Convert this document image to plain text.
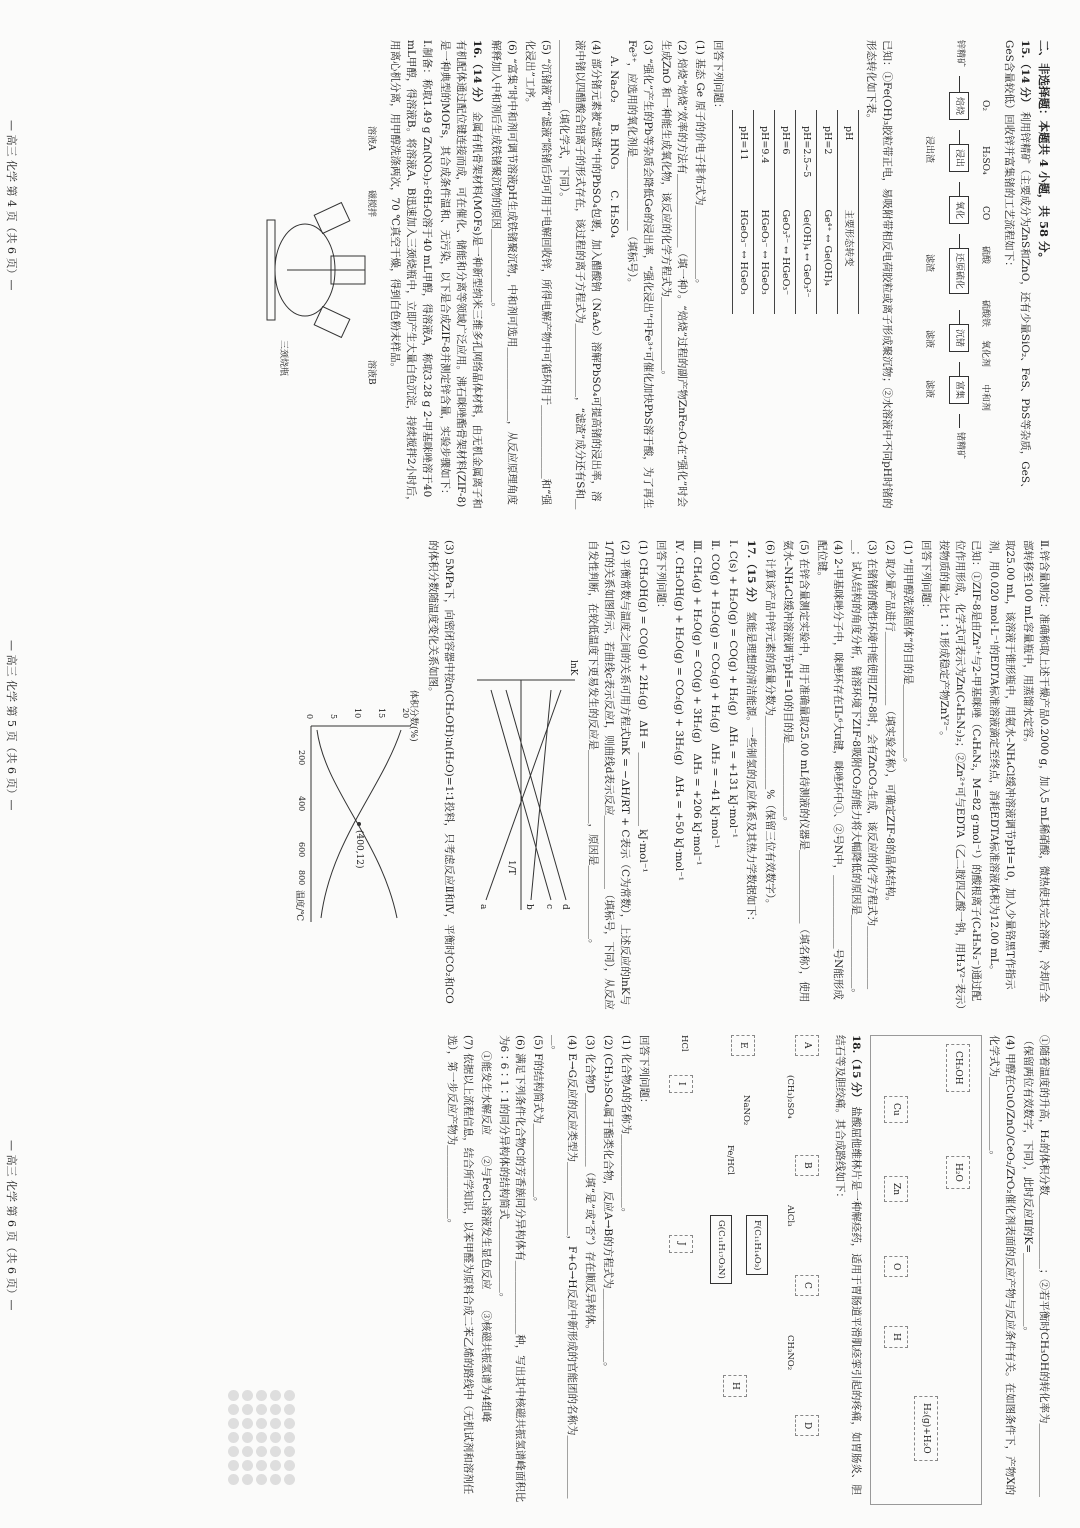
二、非选择题：本题共 4 小题，共 58 分。

15.（14 分） 利用锌精矿（主要成分为ZnS和ZnO，还有少量SiO₂、FeS、PbS等杂质，GeS、GeS含量较低）回收锌并富集锗的工艺流程如下：

锌精矿
焙烧	O₂
浸出	H₂SO₄
浸出渣
氧化	CO
还原硫化	硫酸
滤渣
沉锗
硫酸铁
氧化剂
滤液
富集	中和剂
滤液
锗精矿

已知：①Fe(OH)₃胶粒带正电，易吸附带相反电荷胶粒或离子形成聚沉物；②水溶液中不同pH时锗的形态转化如下表。

pH	主要形态转变
pH=2	Ge⁴⁺ ↔ Ge(OH)₄
pH=2.5~5	Ge(OH)₄ ↔ GeO₃²⁻
pH=6	GeO₃²⁻ ↔ HGeO₃⁻
pH=9.4	HGeO₃⁻ ↔ HGeO₃
pH=11	HGeO₃⁻ ↔ HGeO₃

回答下列问题：

(1) 基态 Ge 原子的价电子排布式为＿＿＿＿＿＿＿。

(2) 焙烧“焙烧”效率的方法有＿＿＿＿＿＿＿（填一种）。“焙烧”过程的副产物ZnFe₂O₄在“强化”时会生成ZnO 和一种能生成氧化物，该反应的化学方程式为＿＿＿＿＿＿＿。

(3) “强化”产生的Pb等杂质会降低Ge的浸出率，“强化浸出”中Fe³⁺可催化加快PbS溶于酸，为了再生Fe³⁺，应选用的氧化剂是＿＿＿＿＿＿＿（填标号）。

A. Na₂O₂　　B. HNO₃　　C. H₂SO₄

(4) 部分锗元素被“滤渣”中的PbSO₄包裹，加入醋酸钠（NaAc）溶解PbSO₄可提高锗的浸出率，溶液中锗以四醋酸合铅离子的形式存在，该过程的离子方程式为＿＿＿＿＿＿＿，“滤渣”成分还有S和＿＿＿＿＿＿＿（填化学式，下同）。

(5) “沉锗液”和“滤液”除锗后均可用于电解回收锌，所得电解产物中可循环用于＿＿＿＿＿＿＿和“强化浸出”工序。

(6) “富集”时中和剂可调节溶液pH生成铁锗聚沉物，中和剂可选用＿＿＿＿＿＿＿，从反应原理角度解释加入中和剂后生成铁锗聚沉物的原因＿＿＿＿＿＿＿。

16.（14 分） 金属有机骨架材料(MOFs)是一种新型纳米三维多孔网络晶体材料，由无机金属离子和有机配体通过配位键连接而成，可在催化、储能和分离等领域广泛应用。沸石咪唑酯骨架材料(ZIF-8)是一种典型的MOFs，其合成条件温和、无污染，以下是合成ZIF-8并测定锌含量，实验步骤如下：

Ⅰ.制备：称取1.49 g Zn(NO₃)₂·6H₂O溶于40 mL甲醇，得溶液A，称取3.28 g 2-甲基咪唑溶于40 mL甲醇，得溶液B。将溶液A、B迅速加入三颈烧瓶中，立即产生大量白色沉淀，持续搅拌2小时后，用离心机分离，用甲醇洗涤两次，70 ℃真空干燥，得到白色粉末样品。

溶液A
溶液B
磁搅拌
三颈烧瓶

Ⅱ.锌含量测定：准确称取上述干燥产品0.2000 g，加入5 mL稀硝酸，微热使其完全溶解，冷却后全部转移至100 mL容量瓶中，用蒸馏水定容。

取25.00 mL，该溶液于锥形瓶中，用氨水–NH₄Cl缓冲溶液调节pH=10，加入少量铬黑T作指示剂，用0.020 mol·L⁻¹的EDTA标准溶液滴定至终点，消耗EDTA标准溶液体积为12.00 mL。

已知：①ZIF-8是由Zn²⁺与2-甲基咪唑（C₄H₆N₂，M=82 g·mol⁻¹）的酸根离子(C₄H₅N₂⁻)通过配位作用形成，化学式可表示为Zn(C₄H₅N₂)₂；②Zn²⁺可与EDTA（乙二胺四乙酸一钠，用H₂Y²⁻表示）按物质的量之比1∶1形成稳定产物ZnY²⁻。

回答下列问题：

(1) “用甲醇洗涤固体”的目的是＿＿＿＿＿＿＿。

(2) 取少量产品进行＿＿＿＿＿＿＿（填实验名称），可确定ZIF-8的晶体结构。

(3) 在锗锗的酸性环境中能使用ZIF-8时，会有ZnCO₃生成，该反应的化学方程式为＿＿＿＿＿＿＿；试从结构的角度分析，锗溶环境下ZIF-8吸附CO₂的能力将大幅降低的原因是＿＿＿＿＿＿＿。

(4) 2-甲基咪唑分子中，咪唑环存在Π₅⁶大π键，咪唑环中①、②号N中，＿＿＿＿＿＿＿号N能形成配位键。

(5) 在锌含量测定实验中，用于准确量取25.00 mL待测液的仪器是＿＿＿＿＿＿＿（填名称），使用氨水–NH₄Cl缓冲溶液调节pH=10的目的是＿＿＿＿＿＿＿。

(6) 计算该产品中锌元素的质量分数为＿＿＿＿＿＿＿%（保留三位有效数字）。

17.（15 分） 氢能是理想的清洁能源。一些制氢的反应体系及其热力学数据如下：

Ⅰ. C(s) + H₂O(g) = CO(g) + H₂(g)　ΔH₁ = +131 kJ·mol⁻¹

Ⅱ. CO(g) + H₂O(g) = CO₂(g) + H₂(g)　ΔH₂ = −41 kJ·mol⁻¹

Ⅲ. CH₄(g) + H₂O(g) = CO(g) + 3H₂(g)　ΔH₃ = +206 kJ·mol⁻¹

Ⅳ. CH₃OH(g) + H₂O(g) = CO₂(g) + 3H₂(g)　ΔH₄ = +50 kJ·mol⁻¹

回答下列问题：

(1) CH₃OH(g) = CO(g) + 2H₂(g)　ΔH = ＿＿＿＿＿＿＿ kJ·mol⁻¹

(2) 平衡常数与温度之间的关系可用方程式lnK = −ΔH/RT + C表示（C为常数），上述反应的lnK与1/T的关系如图所示，若曲线c表示反应Ⅰ，则曲线d表示反应＿＿＿＿＿＿＿（填标号，下同），从反应自发性判断，在较低温度下更易发生的反应是＿＿＿＿＿＿＿，原因是＿＿＿＿＿＿＿。

lnK
1/T
a	b	c d

(3) 5MPa下，向密闭容器中按n(CH₃OH)∶n(H₂O)=1∶1投料，只考虑反应Ⅱ和Ⅳ，平衡时CO₂和CO的体积分数随温度变化关系如图。

体积分数(%)
(400,12)
温度/℃
0	5	10	15	20
200
400
600
800

①随着温度的升高，H₂的体积分数＿＿＿＿＿＿＿；②若平衡时CH₃OH的转化率为＿＿＿＿＿＿＿（保留两位有效数字，下同），此时反应Ⅱ的K=＿＿＿＿＿＿＿。

(4) 甲醇在CuO/ZnO/CeO₂/ZrO₂催化剂表面的反应产物与反应条件有关。在如图条件下，产物X的化学式为＿＿＿＿＿＿＿。

CH₃OH
H₂O
H₂(g)+H₂O
Cu
Zn
O
H

18.（15 分） 盐酸屈他维林片是一种解痉药，适用于胃肠道平滑肌痉挛引起的疼痛，如胃肠炎、胆结石等及胆绞痛。其合成路线如下：

A
B
C
D
(CH₃)₂SO₄
AlCl₃
CH₃NO₂
E
NaNO₂
Fe/HCl
F(C₁₁H₁₄O₃)
G(C₁₁H₁₇O₃N)
H
HCl
I
J

回答下列问题：

(1) 化合物A的名称为＿＿＿＿＿＿＿。

(2) (CH₃)₂SO₄属于酯类化合物，反应A→B的方程式为＿＿＿＿＿＿＿。

(3) 化合物D＿＿＿＿＿＿＿（填“是”或“否”）存在顺反异构体。

(4) E→G反应的反应类型为＿＿＿＿＿＿＿，F+G→H反应中新形成的官能团的名称为＿＿＿＿＿＿＿。

(5) F的结构简式为＿＿＿＿＿＿＿。

(6) 满足下列条件化合物C的芳香族同分异构体有＿＿＿＿＿＿＿种，写出其中核磁共振氢谱峰面积比为6∶6∶1∶1的同分异构体的结构简式＿＿＿＿＿＿＿。

①能发生水解反应　　②与FeCl₃溶液发生显色反应　　③核磁共振氢谱为4组峰

(7) 依据以上流程信息，结合所学知识，以苯甲醛为原料合成二苯乙烯的路线中（无机试剂和溶剂任选），第一步反应产物为＿＿＿＿＿＿＿。

— 高三 化学 第 4 页（共 6 页）—
— 高三 化学 第 5 页（共 6 页）—
— 高三 化学 第 6 页（共 6 页）—
